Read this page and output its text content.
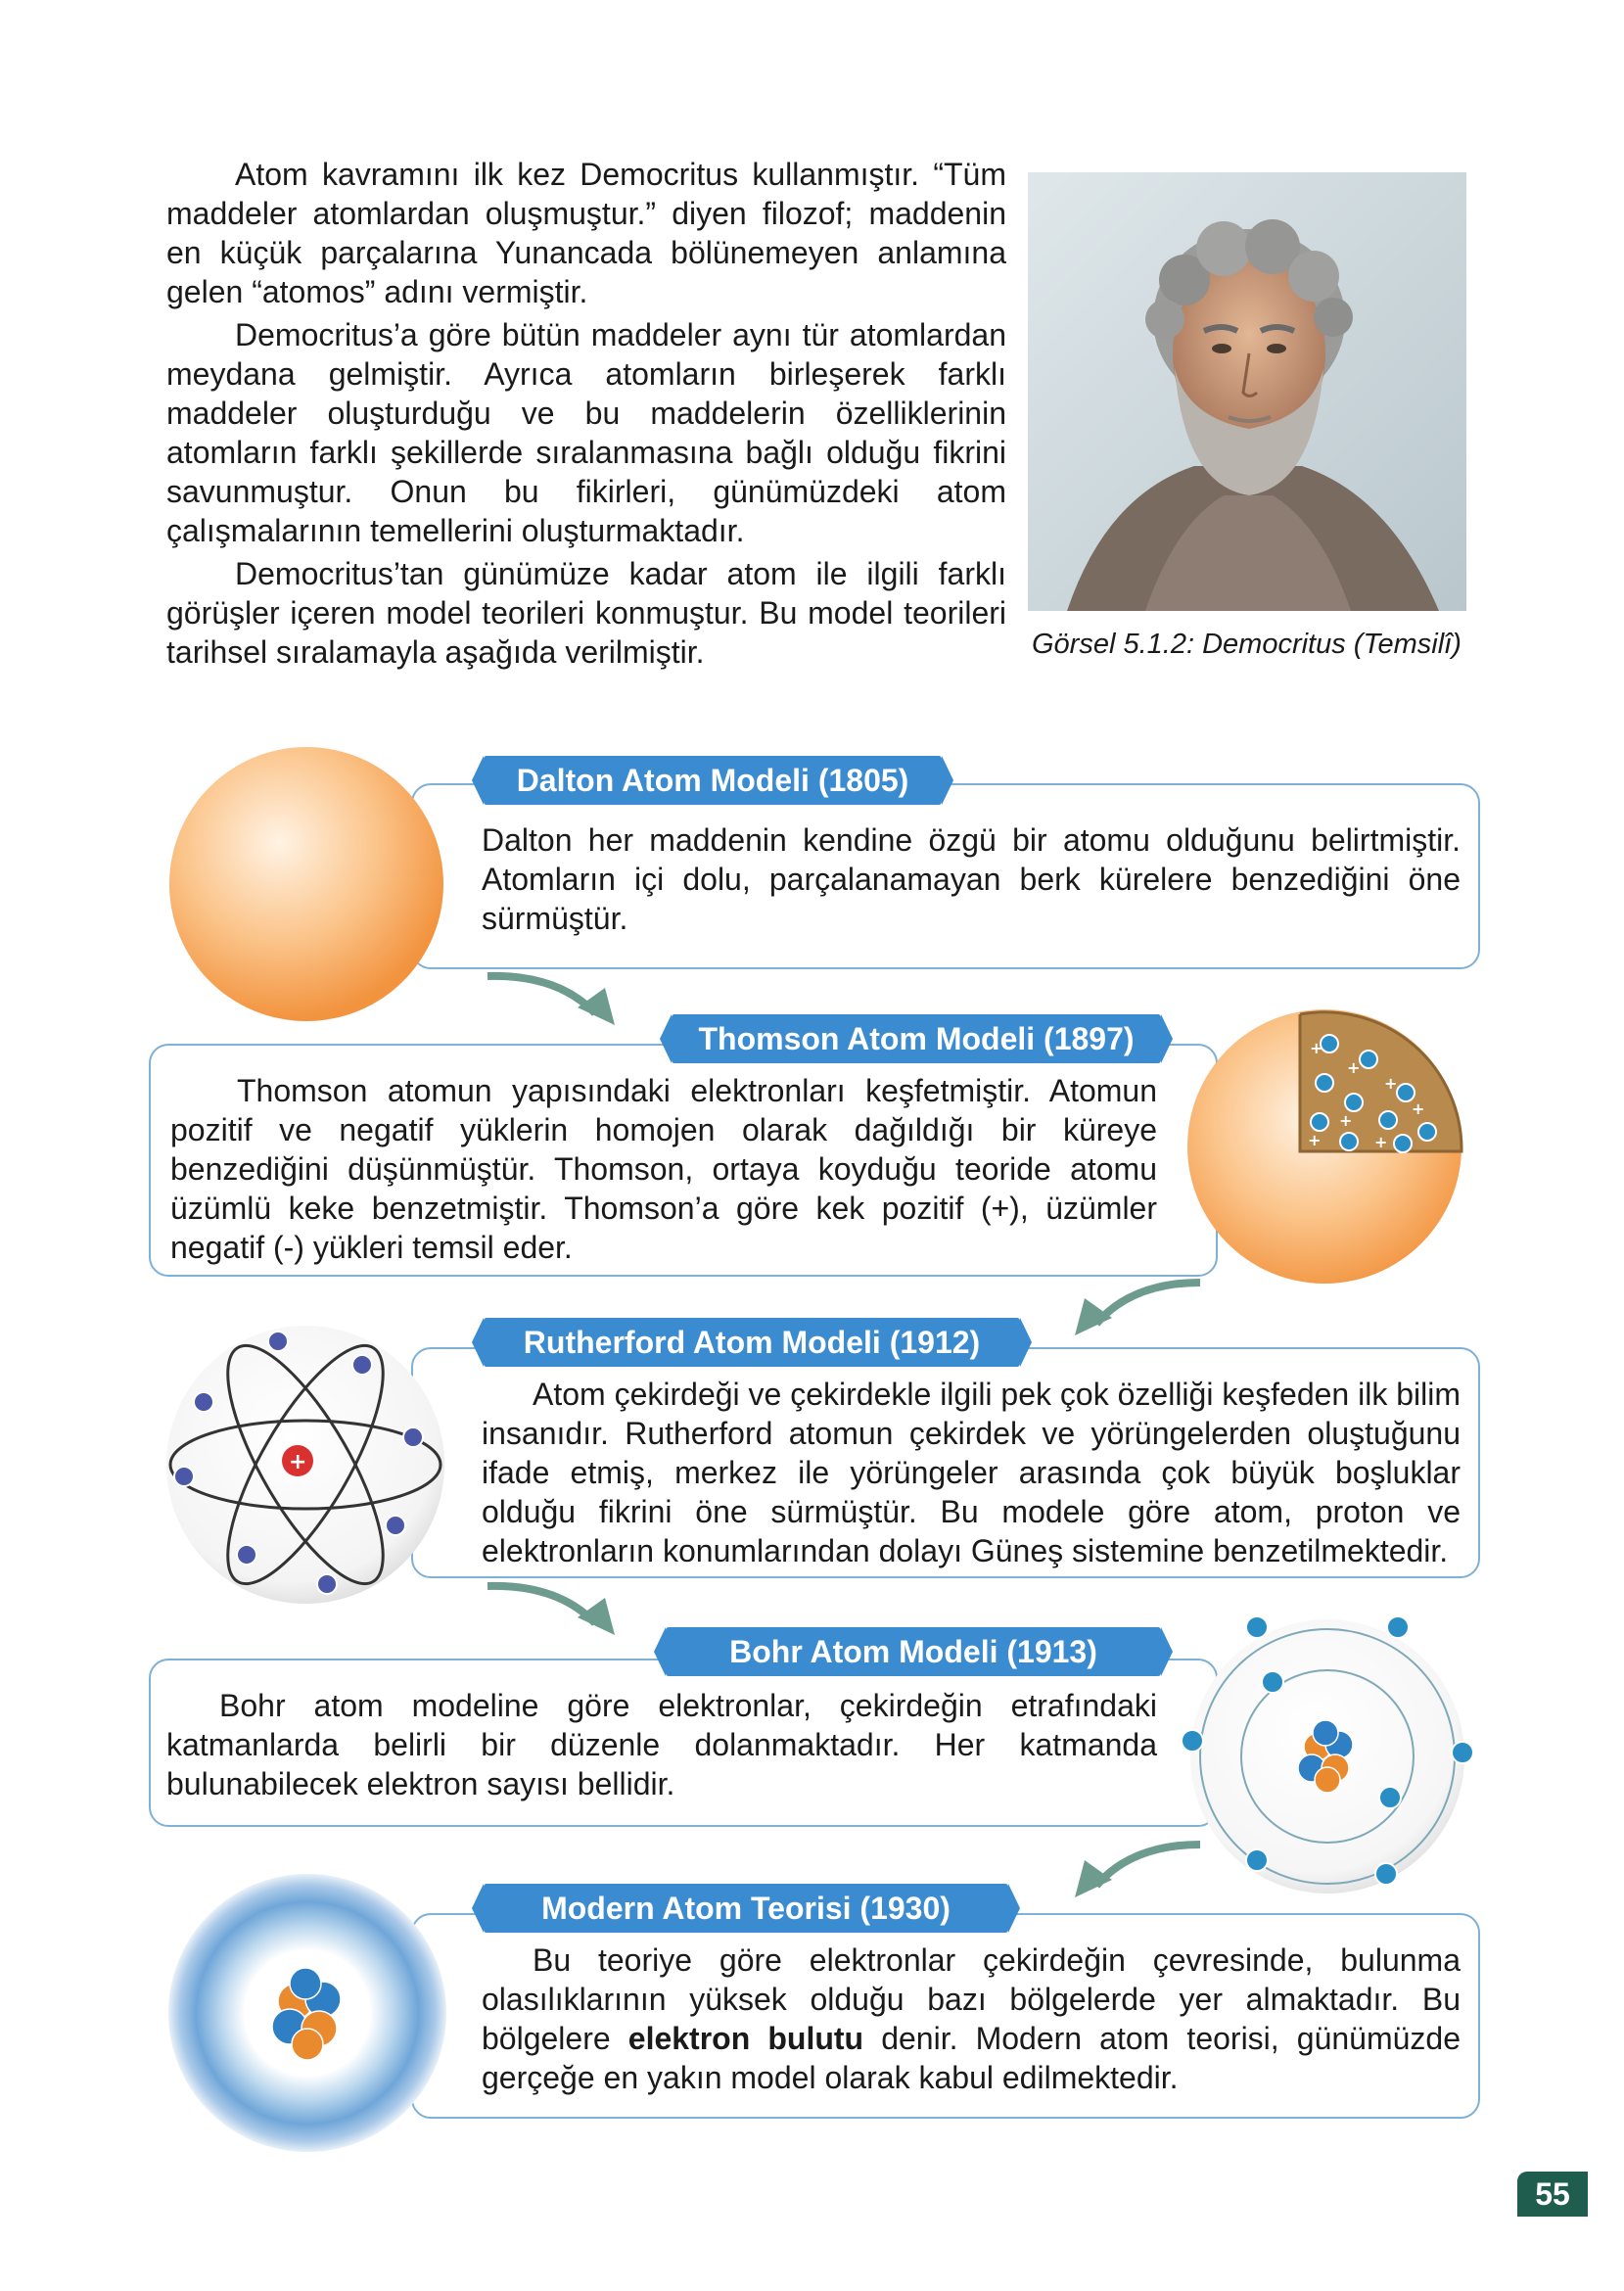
Atom kavramını ilk kez Democritus kullanmıştır. “Tüm maddeler atomlardan oluşmuştur.” diyen filozof; maddenin en küçük parçalarına Yunancada bölünemeyen anlamına gelen “atomos” adını vermiştir.

Democritus’a göre bütün maddeler aynı tür atomlardan meydana gelmiştir. Ayrıca atomların birleşerek farklı maddeler oluşturduğu ve bu maddelerin özelliklerinin atomların farklı şekillerde sıralanmasına bağlı olduğu fikrini savunmuştur. Onun bu fikirleri, günümüzdeki atom çalışmalarının temellerini oluşturmaktadır.

Democritus’tan günümüze kadar atom ile ilgili farklı görüşler içeren model teorileri konmuştur. Bu model teorileri tarihsel sıralamayla aşağıda verilmiştir.	Görsel 5.1.2: Democritus (Temsilî)

Dalton her maddenin kendine özgü bir atomu olduğunu belirtmiştir. Atomların içi dolu, parçalanamayan berk kürelere benzediğini öne sürmüştür.

Dalton Atom Modeli (1805)

Thomson atomun yapısındaki elektronları keşfetmiştir. Atomun pozitif ve negatif yüklerin homojen olarak dağıldığı bir küreye benzediğini düşünmüştür. Thomson, ortaya koyduğu teoride atomu üzümlü keke benzetmiştir. Thomson’a göre kek pozitif (+), üzümler negatif (-) yükleri temsil eder.

Thomson Atom Modeli (1897)	+
+
+
+
+
+	+

Atom çekirdeği ve çekirdekle ilgili pek çok özelliği keşfeden ilk bilim insanıdır. Rutherford atomun çekirdek ve yörüngelerden oluştuğunu ifade etmiş, merkez ile yörüngeler arasında çok büyük boşluklar olduğu fikrini öne sürmüştür. Bu modele göre atom, proton ve elektronların konumlarından dolayı Güneş sistemine benzetilmektedir.

Rutherford Atom Modeli (1912)
+

Bohr atom modeline göre elektronlar, çekirdeğin etrafındaki katmanlarda belirli bir düzenle dolanmaktadır. Her katmanda bulunabilecek elektron sayısı bellidir.

Bohr Atom Modeli (1913)

Bu teoriye göre elektronlar çekirdeğin çevresinde, bulunma olasılıklarının yüksek olduğu bazı bölgelerde yer almaktadır. Bu bölgelere elektron bulutu denir. Modern atom teorisi, günümüzde gerçeğe en yakın model olarak kabul edilmektedir.

Modern Atom Teorisi (1930)
55
